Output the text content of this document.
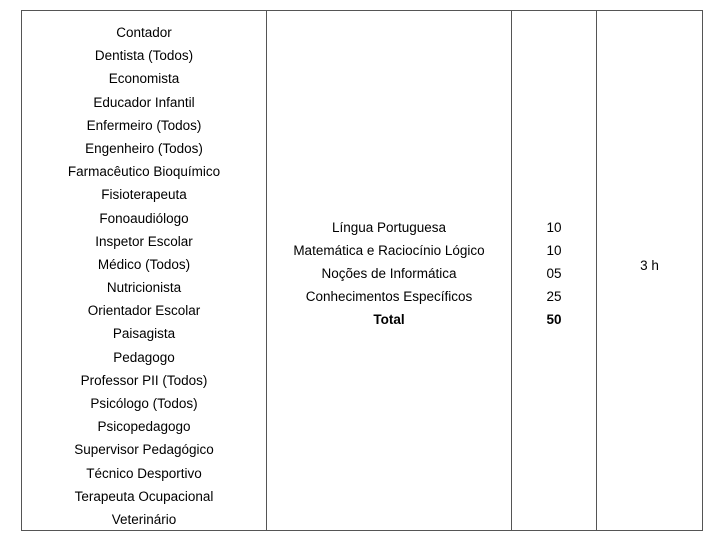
Contador
Dentista (Todos)
Economista
Educador Infantil
Enfermeiro (Todos)
Engenheiro (Todos)
Farmacêutico Bioquímico
Fisioterapeuta
Fonoaudiólogo
Inspetor Escolar
Médico (Todos)
Nutricionista
Orientador Escolar
Paisagista
Pedagogo
Professor PII (Todos)
Psicólogo (Todos)
Psicopedagogo
Supervisor Pedagógico
Técnico Desportivo
Terapeuta Ocupacional
Veterinário
Língua Portuguesa
Matemática e Raciocínio Lógico
Noções de Informática
Conhecimentos Específicos
Total
10
10
05
25
50
3 h
